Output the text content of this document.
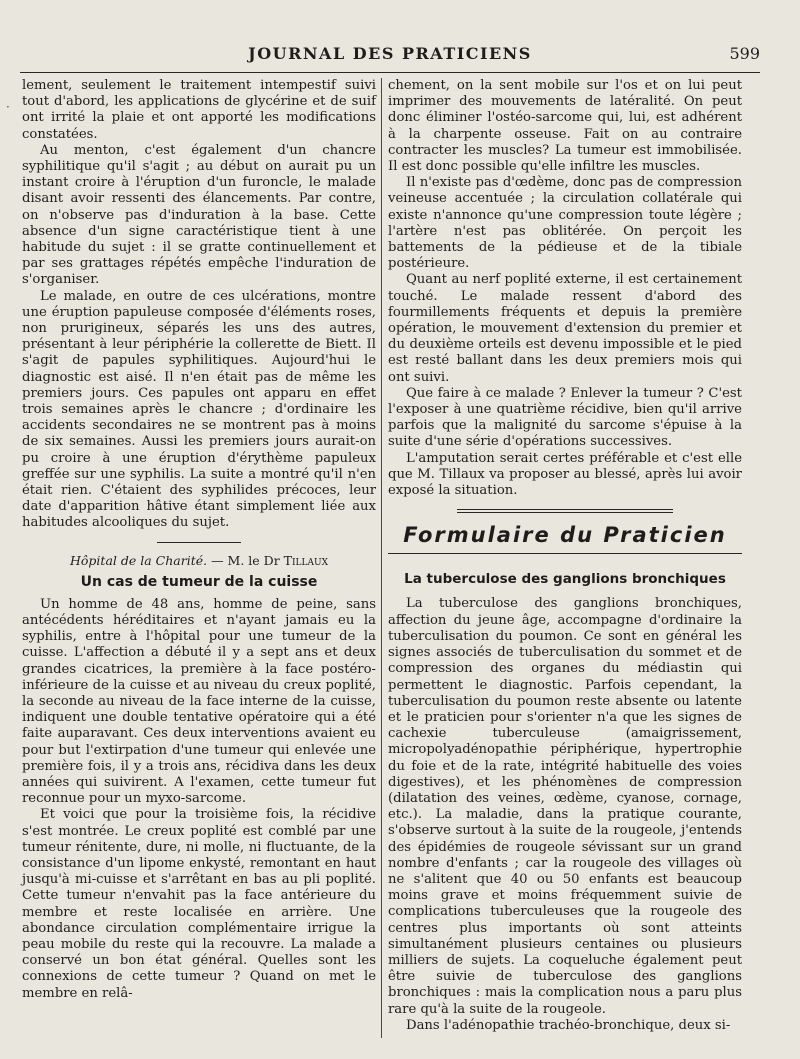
JOURNAL DES PRATICIENS	599
·

lement, seulement le traitement intempestif suivi tout d'abord, les applications de glycérine et de suif ont irrité la plaie et ont apporté les modifications constatées.

Au menton, c'est également d'un chancre syphilitique qu'il s'agit ; au début on aurait pu un instant croire à l'éruption d'un furoncle, le malade disant avoir ressenti des élancements. Par contre, on n'observe pas d'induration à la base. Cette absence d'un signe caractéristique tient à une habitude du sujet : il se gratte continuellement et par ses grattages répétés empêche l'induration de s'organiser.

Le malade, en outre de ces ulcérations, montre une éruption papuleuse composée d'éléments roses, non prurigineux, séparés les uns des autres, présentant à leur périphérie la collerette de Biett. Il s'agit de papules syphilitiques. Aujourd'hui le diagnostic est aisé. Il n'en était pas de même les premiers jours. Ces papules ont apparu en effet trois semaines après le chancre ; d'ordinaire les accidents secondaires ne se montrent pas à moins de six semaines. Aussi les premiers jours aurait-on pu croire à une éruption d'érythème papuleux greffée sur une syphilis. La suite a montré qu'il n'en était rien. C'étaient des syphilides précoces, leur date d'apparition hâtive étant simplement liée aux habitudes alcooliques du sujet.

Hôpital de la Charité. — M. le Dr Tillaux
Un cas de tumeur de la cuisse

Un homme de 48 ans, homme de peine, sans antécédents héréditaires et n'ayant jamais eu la syphilis, entre à l'hôpital pour une tumeur de la cuisse. L'affection a débuté il y a sept ans et deux grandes cicatrices, la première à la face postéro-inférieure de la cuisse et au niveau du creux poplité, la seconde au niveau de la face interne de la cuisse, indiquent une double tentative opératoire qui a été faite auparavant. Ces deux interventions avaient eu pour but l'extirpation d'une tumeur qui enlevée une première fois, il y a trois ans, récidiva dans les deux années qui suivirent. A l'examen, cette tumeur fut reconnue pour un myxo-sarcome.

Et voici que pour la troisième fois, la récidive s'est montrée. Le creux poplité est comblé par une tumeur rénitente, dure, ni molle, ni fluctuante, de la consistance d'un lipome enkysté, remontant en haut jusqu'à mi-cuisse et s'arrêtant en bas au pli poplité. Cette tumeur n'envahit pas la face antérieure du membre et reste localisée en arrière. Une abondance circulation complémentaire irrigue la peau mobile du reste qui la recouvre. La malade a conservé un bon état général. Quelles sont les connexions de cette tumeur ? Quand on met le membre en relâ-

chement, on la sent mobile sur l'os et on lui peut imprimer des mouvements de latéralité. On peut donc éliminer l'ostéo-sarcome qui, lui, est adhérent à la charpente osseuse. Fait on au contraire contracter les muscles? La tumeur est immobilisée. Il est donc possible qu'elle infiltre les muscles.

Il n'existe pas d'œdème, donc pas de compression veineuse accentuée ; la circulation collatérale qui existe n'annonce qu'une compression toute légère ; l'artère n'est pas oblitérée. On perçoit les battements de la pédieuse et de la tibiale postérieure.

Quant au nerf poplité externe, il est certainement touché. Le malade ressent d'abord des fourmillements fréquents et depuis la première opération, le mouvement d'extension du premier et du deuxième orteils est devenu impossible et le pied est resté ballant dans les deux premiers mois qui ont suivi.

Que faire à ce malade ? Enlever la tumeur ? C'est l'exposer à une quatrième récidive, bien qu'il arrive parfois que la malignité du sarcome s'épuise à la suite d'une série d'opérations successives.

L'amputation serait certes préférable et c'est elle que M. Tillaux va proposer au blessé, après lui avoir exposé la situation.

Formulaire du Praticien
La tuberculose des ganglions bronchiques

La tuberculose des ganglions bronchiques, affection du jeune âge, accompagne d'ordinaire la tuberculisation du poumon. Ce sont en général les signes associés de tuberculisation du sommet et de compression des organes du médiastin qui permettent le diagnostic. Parfois cependant, la tuberculisation du poumon reste absente ou latente et le praticien pour s'orienter n'a que les signes de cachexie tuberculeuse (amaigrissement, micropolyadénopathie périphérique, hypertrophie du foie et de la rate, intégrité habituelle des voies digestives), et les phénomènes de compression (dilatation des veines, œdème, cyanose, cornage, etc.). La maladie, dans la pratique courante, s'observe surtout à la suite de la rougeole, j'entends des épidémies de rougeole sévissant sur un grand nombre d'enfants ; car la rougeole des villages où ne s'alitent que 40 ou 50 enfants est beaucoup moins grave et moins fréquemment suivie de complications tuberculeuses que la rougeole des centres plus importants où sont atteints simultanément plusieurs centaines ou plusieurs milliers de sujets. La coqueluche également peut être suivie de tuberculose des ganglions bronchiques : mais la complication nous a paru plus rare qu'à la suite de la rougeole.

Dans l'adénopathie trachéo-bronchique, deux si-
